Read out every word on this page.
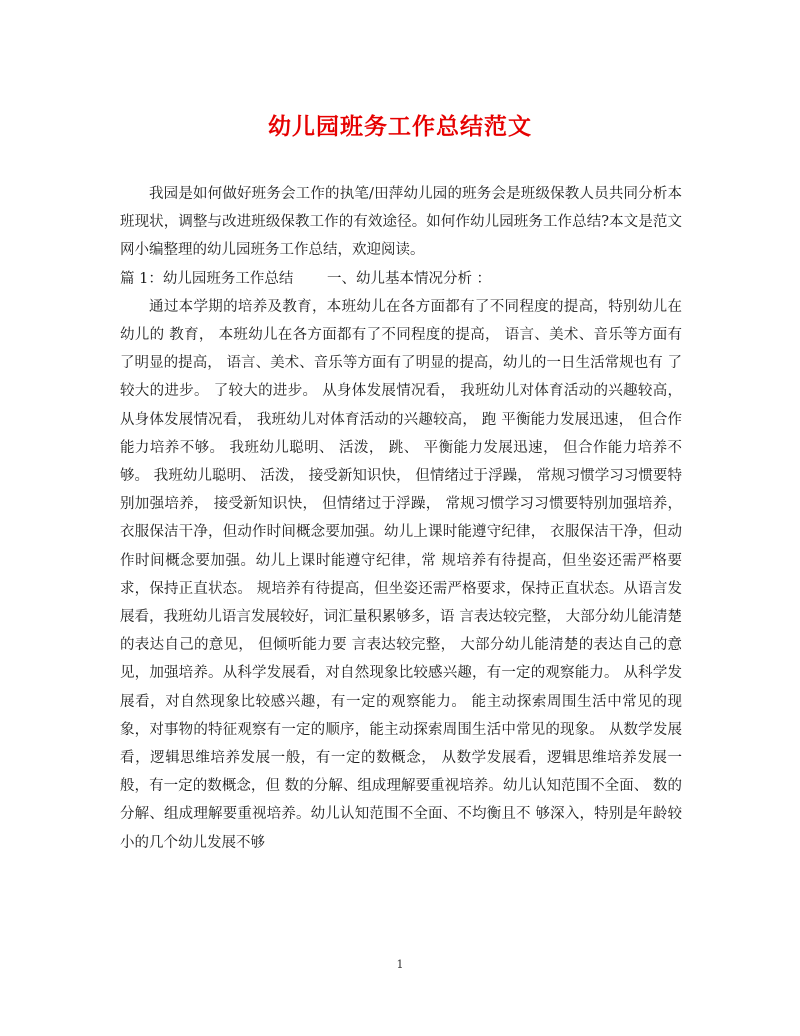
幼儿园班务工作总结范文

我园是如何做好班务会工作的执笔/田萍幼儿园的班务会是班级保教人员共同分析本班现状，调整与改进班级保教工作的有效途径。如何作幼儿园班务工作总结?本文是范文网小编整理的幼儿园班务工作总结，欢迎阅读。

篇 1：幼儿园班务工作总结　　 一、幼儿基本情况分析 ：

通过本学期的培养及教育，本班幼儿在各方面都有了不同程度的提高，特别幼儿在幼儿的 教育， 本班幼儿在各方面都有了不同程度的提高， 语言、美术、音乐等方面有了明显的提高， 语言、美术、音乐等方面有了明显的提高，幼儿的一日生活常规也有 了较大的进步。 了较大的进步。 从身体发展情况看， 我班幼儿对体育活动的兴趣较高， 从身体发展情况看， 我班幼儿对体育活动的兴趣较高， 跑 平衡能力发展迅速， 但合作能力培养不够。 我班幼儿聪明、 活泼， 跳、 平衡能力发展迅速， 但合作能力培养不够。 我班幼儿聪明、 活泼， 接受新知识快， 但情绪过于浮躁， 常规习惯学习习惯要特别加强培养， 接受新知识快， 但情绪过于浮躁， 常规习惯学习习惯要特别加强培养， 衣服保洁干净，但动作时间概念要加强。幼儿上课时能遵守纪律， 衣服保洁干净，但动作时间概念要加强。幼儿上课时能遵守纪律，常 规培养有待提高，但坐姿还需严格要求，保持正直状态。 规培养有待提高，但坐姿还需严格要求，保持正直状态。从语言发展看，我班幼儿语言发展较好，词汇量积累够多，语 言表达较完整， 大部分幼儿能清楚的表达自己的意见， 但倾听能力要 言表达较完整， 大部分幼儿能清楚的表达自己的意见，加强培养。从科学发展看，对自然现象比较感兴趣，有一定的观察能力。 从科学发展看，对自然现象比较感兴趣，有一定的观察能力。 能主动探索周围生活中常见的现象，对事物的特征观察有一定的顺序，能主动探索周围生活中常见的现象。 从数学发展看，逻辑思维培养发展一般，有一定的数概念， 从数学发展看，逻辑思维培养发展一般，有一定的数概念，但 数的分解、组成理解要重视培养。幼儿认知范围不全面、 数的分解、组成理解要重视培养。幼儿认知范围不全面、不均衡且不 够深入，特别是年龄较小的几个幼儿发展不够

1
